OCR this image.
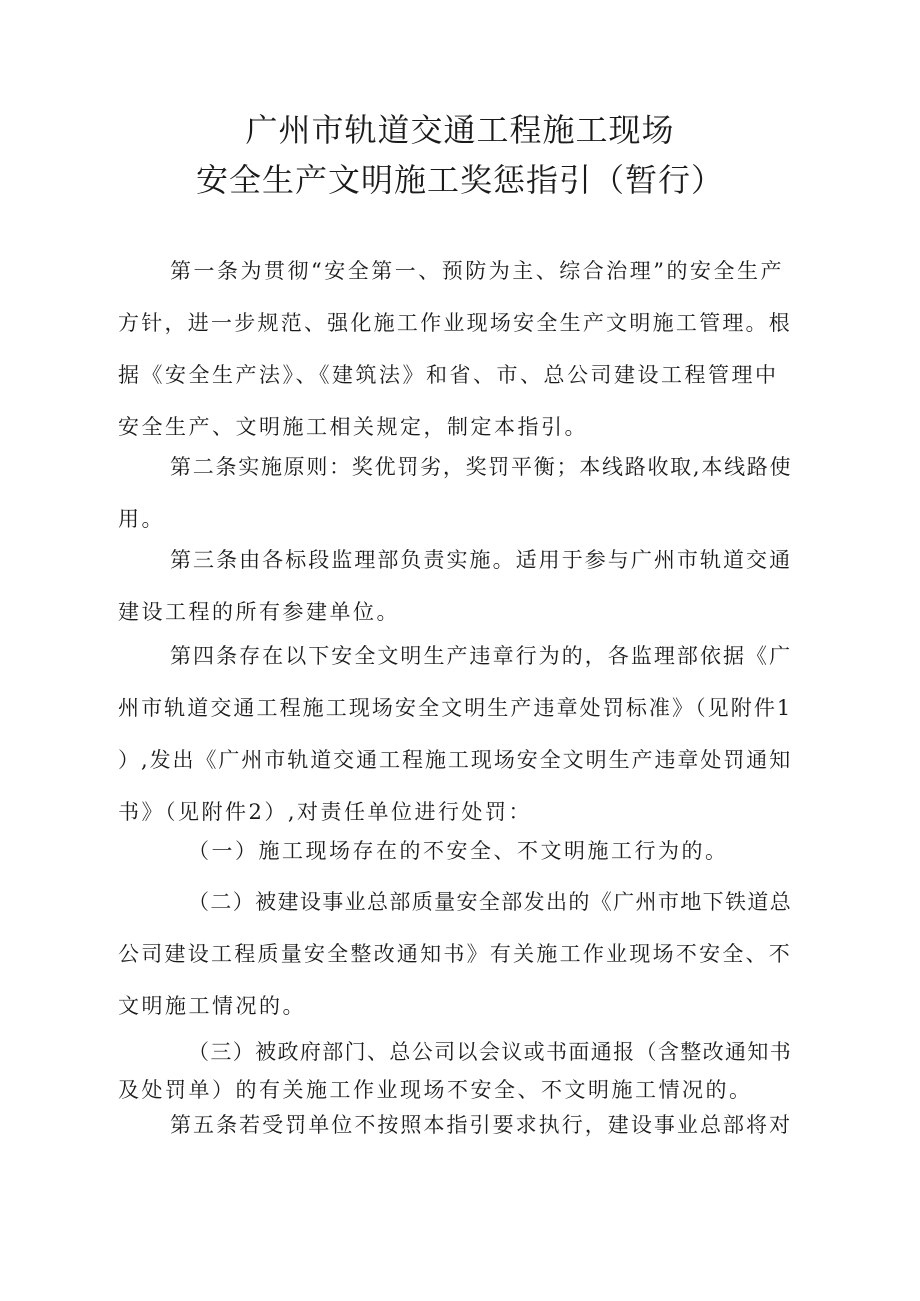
广州市轨道交通工程施工现场
安全生产文明施工奖惩指引（暂行）
第一条为贯彻“安全第一、预防为主、综合治理”的安全生产
方针，进一步规范、强化施工作业现场安全生产文明施工管理。根
据《安全生产法》、《建筑法》和省、市、总公司建设工程管理中
安全生产、文明施工相关规定，制定本指引。
第二条实施原则：奖优罚劣，奖罚平衡；本线路收取,本线路使
用。
第三条由各标段监理部负责实施。适用于参与广州市轨道交通
建设工程的所有参建单位。
第四条存在以下安全文明生产违章行为的，各监理部依据《广
州市轨道交通工程施工现场安全文明生产违章处罚标准》（见附件1
）,发出《广州市轨道交通工程施工现场安全文明生产违章处罚通知
书》（见附件2）,对责任单位进行处罚：
（一）施工现场存在的不安全、不文明施工行为的。
（二）被建设事业总部质量安全部发出的《广州市地下铁道总
公司建设工程质量安全整改通知书》有关施工作业现场不安全、不
文明施工情况的。
（三）被政府部门、总公司以会议或书面通报（含整改通知书
及处罚单）的有关施工作业现场不安全、不文明施工情况的。
第五条若受罚单位不按照本指引要求执行，建设事业总部将对
